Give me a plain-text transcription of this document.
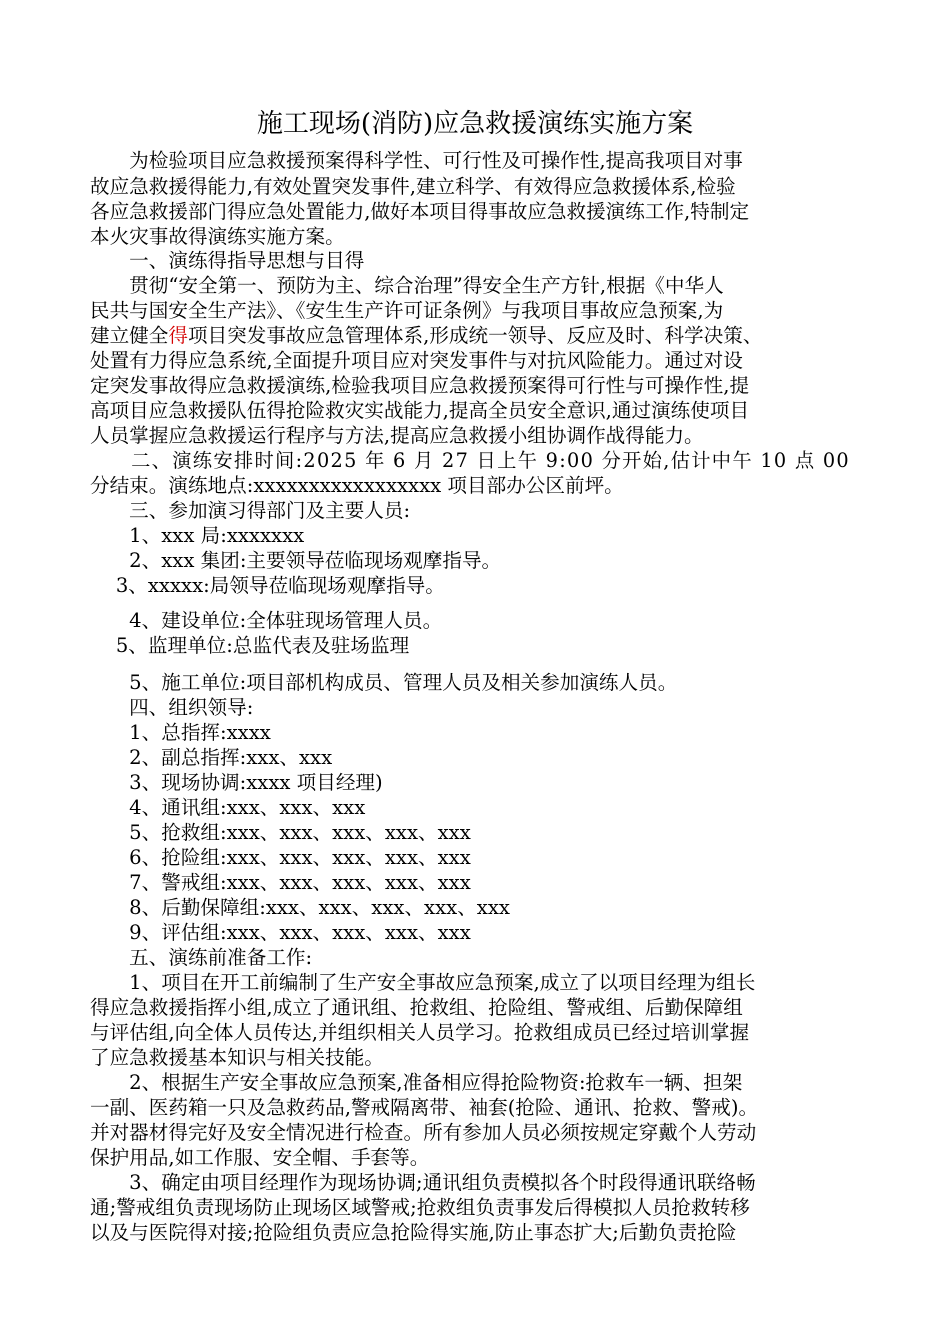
施工现场(消防)应急救援演练实施方案
　　为检验项目应急救援预案得科学性、可行性及可操作性,提高我项目对事
故应急救援得能力,有效处置突发事件,建立科学、有效得应急救援体系,检验
各应急救援部门得应急处置能力,做好本项目得事故应急救援演练工作,特制定
本火灾事故得演练实施方案。
　　一、演练得指导思想与目得
　　贯彻“安全第一、预防为主、综合治理”得安全生产方针,根据《中华人
民共与国安全生产法》、《安生生产许可证条例》与我项目事故应急预案,为
建立健全得项目突发事故应急管理体系,形成统一领导、反应及时、科学决策、
处置有力得应急系统,全面提升项目应对突发事件与对抗风险能力。通过对设
定突发事故得应急救援演练,检验我项目应急救援预案得可行性与可操作性,提
高项目应急救援队伍得抢险救灾实战能力,提高全员安全意识,通过演练使项目
人员掌握应急救援运行程序与方法,提高应急救援小组协调作战得能力。
　　二、演练安排时间:2025 年 6 月 27 日上午 9:00 分开始,估计中午 10 点 00
分结束。演练地点:xxxxxxxxxxxxxxxxx 项目部办公区前坪。
　　三、参加演习得部门及主要人员:
　　1、xxx 局:xxxxxxx
　　2、xxx 集团:主要领导莅临现场观摩指导。
　 3、xxxxx:局领导莅临现场观摩指导。
　　4、建设单位:全体驻现场管理人员。
　 5、监理单位:总监代表及驻场监理
　　5、施工单位:项目部机构成员、管理人员及相关参加演练人员。
　　四、组织领导:
　　1、总指挥:xxxx
　　2、副总指挥:xxx、xxx
　　3、现场协调:xxxx 项目经理)
　　4、通讯组:xxx、xxx、xxx
　　5、抢救组:xxx、xxx、xxx、xxx、xxx
　　6、抢险组:xxx、xxx、xxx、xxx、xxx
　　7、警戒组:xxx、xxx、xxx、xxx、xxx
　　8、后勤保障组:xxx、xxx、xxx、xxx、xxx
　　9、评估组:xxx、xxx、xxx、xxx、xxx
　　五、演练前准备工作:
　　1、项目在开工前编制了生产安全事故应急预案,成立了以项目经理为组长
得应急救援指挥小组,成立了通讯组、抢救组、抢险组、警戒组、后勤保障组
与评估组,向全体人员传达,并组织相关人员学习。抢救组成员已经过培训掌握
了应急救援基本知识与相关技能。
　　2、根据生产安全事故应急预案,准备相应得抢险物资:抢救车一辆、担架
一副、医药箱一只及急救药品,警戒隔离带、袖套(抢险、通讯、抢救、警戒)。
并对器材得完好及安全情况进行检查。所有参加人员必须按规定穿戴个人劳动
保护用品,如工作服、安全帽、手套等。
　　3、确定由项目经理作为现场协调;通讯组负责模拟各个时段得通讯联络畅
通;警戒组负责现场防止现场区域警戒;抢救组负责事发后得模拟人员抢救转移
以及与医院得对接;抢险组负责应急抢险得实施,防止事态扩大;后勤负责抢险
